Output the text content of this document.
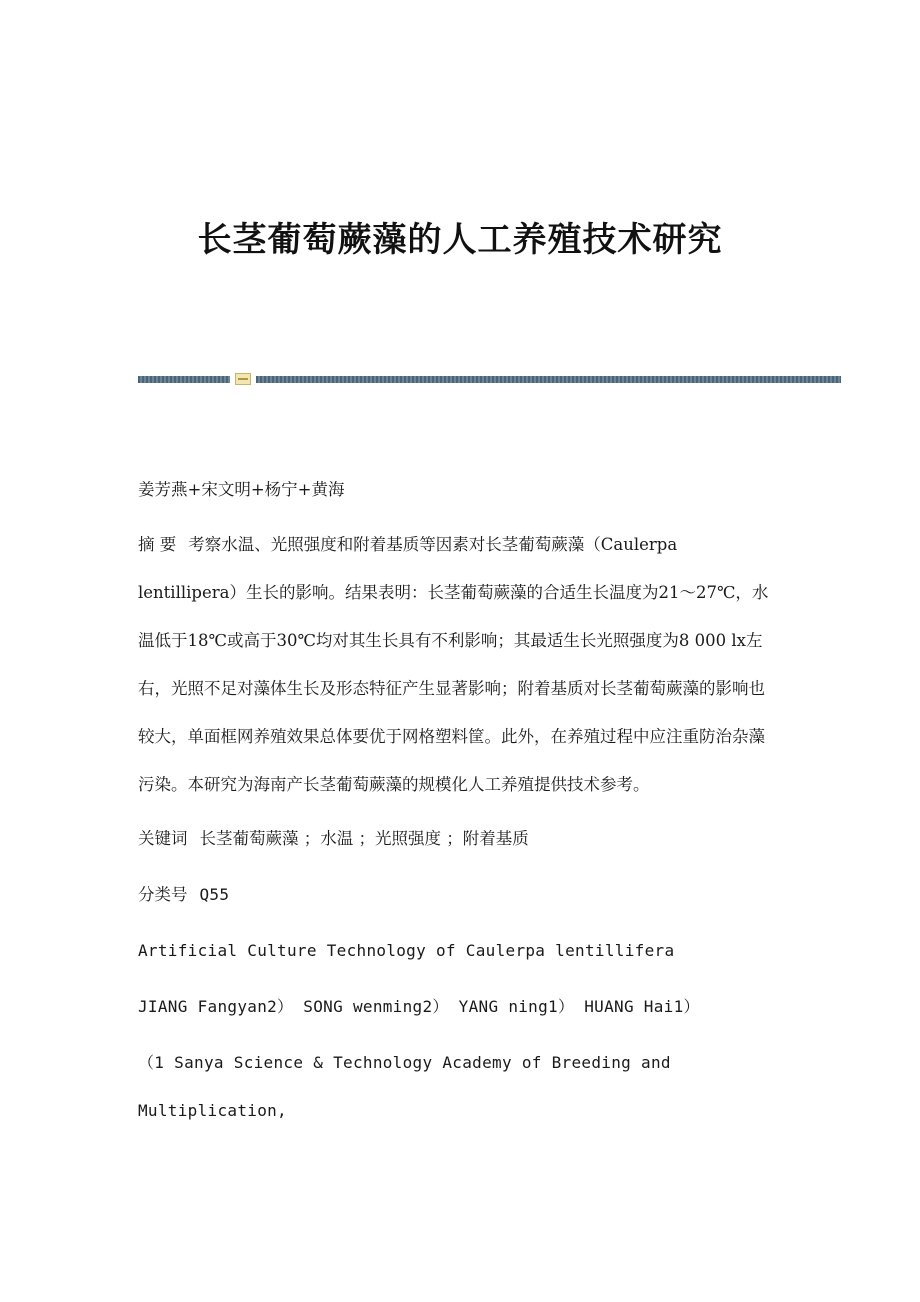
长茎葡萄蕨藻的人工养殖技术研究

姜芳燕+宋文明+杨宁+黄海

摘 要 考察水温、光照强度和附着基质等因素对长茎葡萄蕨藻（Caulerpa lentillipera）生长的影响。结果表明：长茎葡萄蕨藻的合适生长温度为21～27℃，水温低于18℃或高于30℃均对其生长具有不利影响；其最适生长光照强度为8 000 lx左右，光照不足对藻体生长及形态特征产生显著影响；附着基质对长茎葡萄蕨藻的影响也较大，单面框网养殖效果总体要优于网格塑料筐。此外，在养殖过程中应注重防治杂藻污染。本研究为海南产长茎葡萄蕨藻的规模化人工养殖提供技术参考。

关键词 长茎葡萄蕨藻 ；水温 ；光照强度 ；附着基质

分类号 Q55

Artificial Culture Technology of Caulerpa lentillifera

JIANG Fangyan2） SONG wenming2） YANG ning1） HUANG Hai1）

（1 Sanya Science & Technology Academy of Breeding and Multiplication,
